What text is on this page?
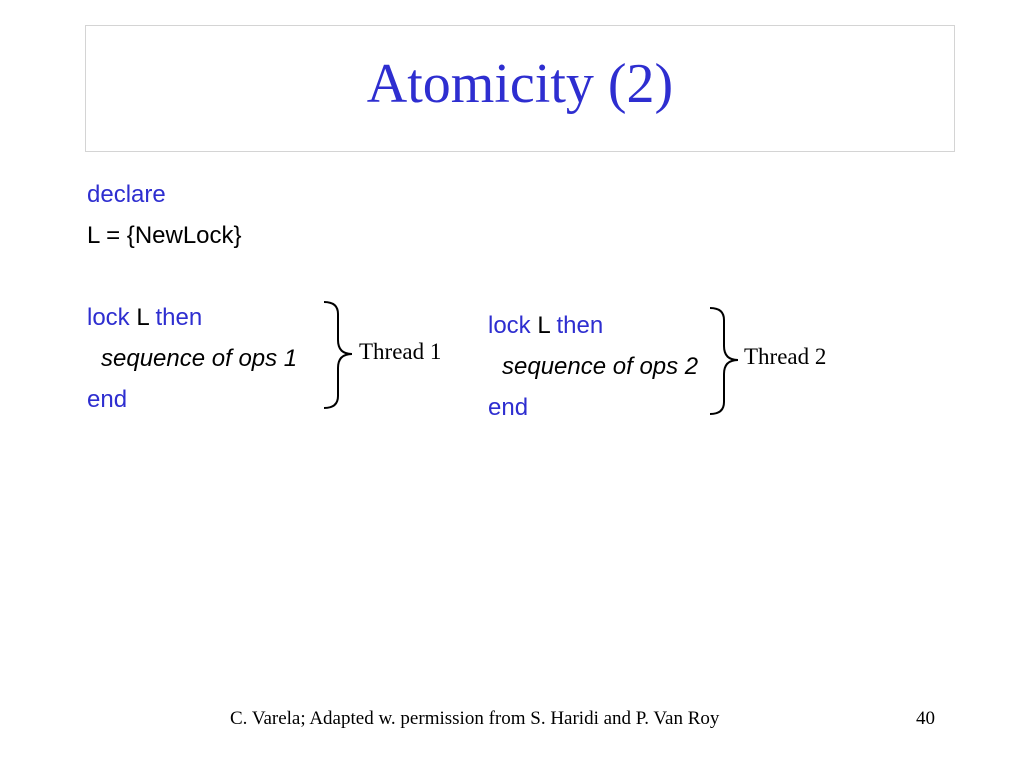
Atomicity (2)
declare
L = {NewLock}
lock L then
sequence of ops 1
end
Thread 1
lock L then
sequence of ops 2
end
Thread 2
C. Varela; Adapted w. permission from S. Haridi and P. Van Roy	40
